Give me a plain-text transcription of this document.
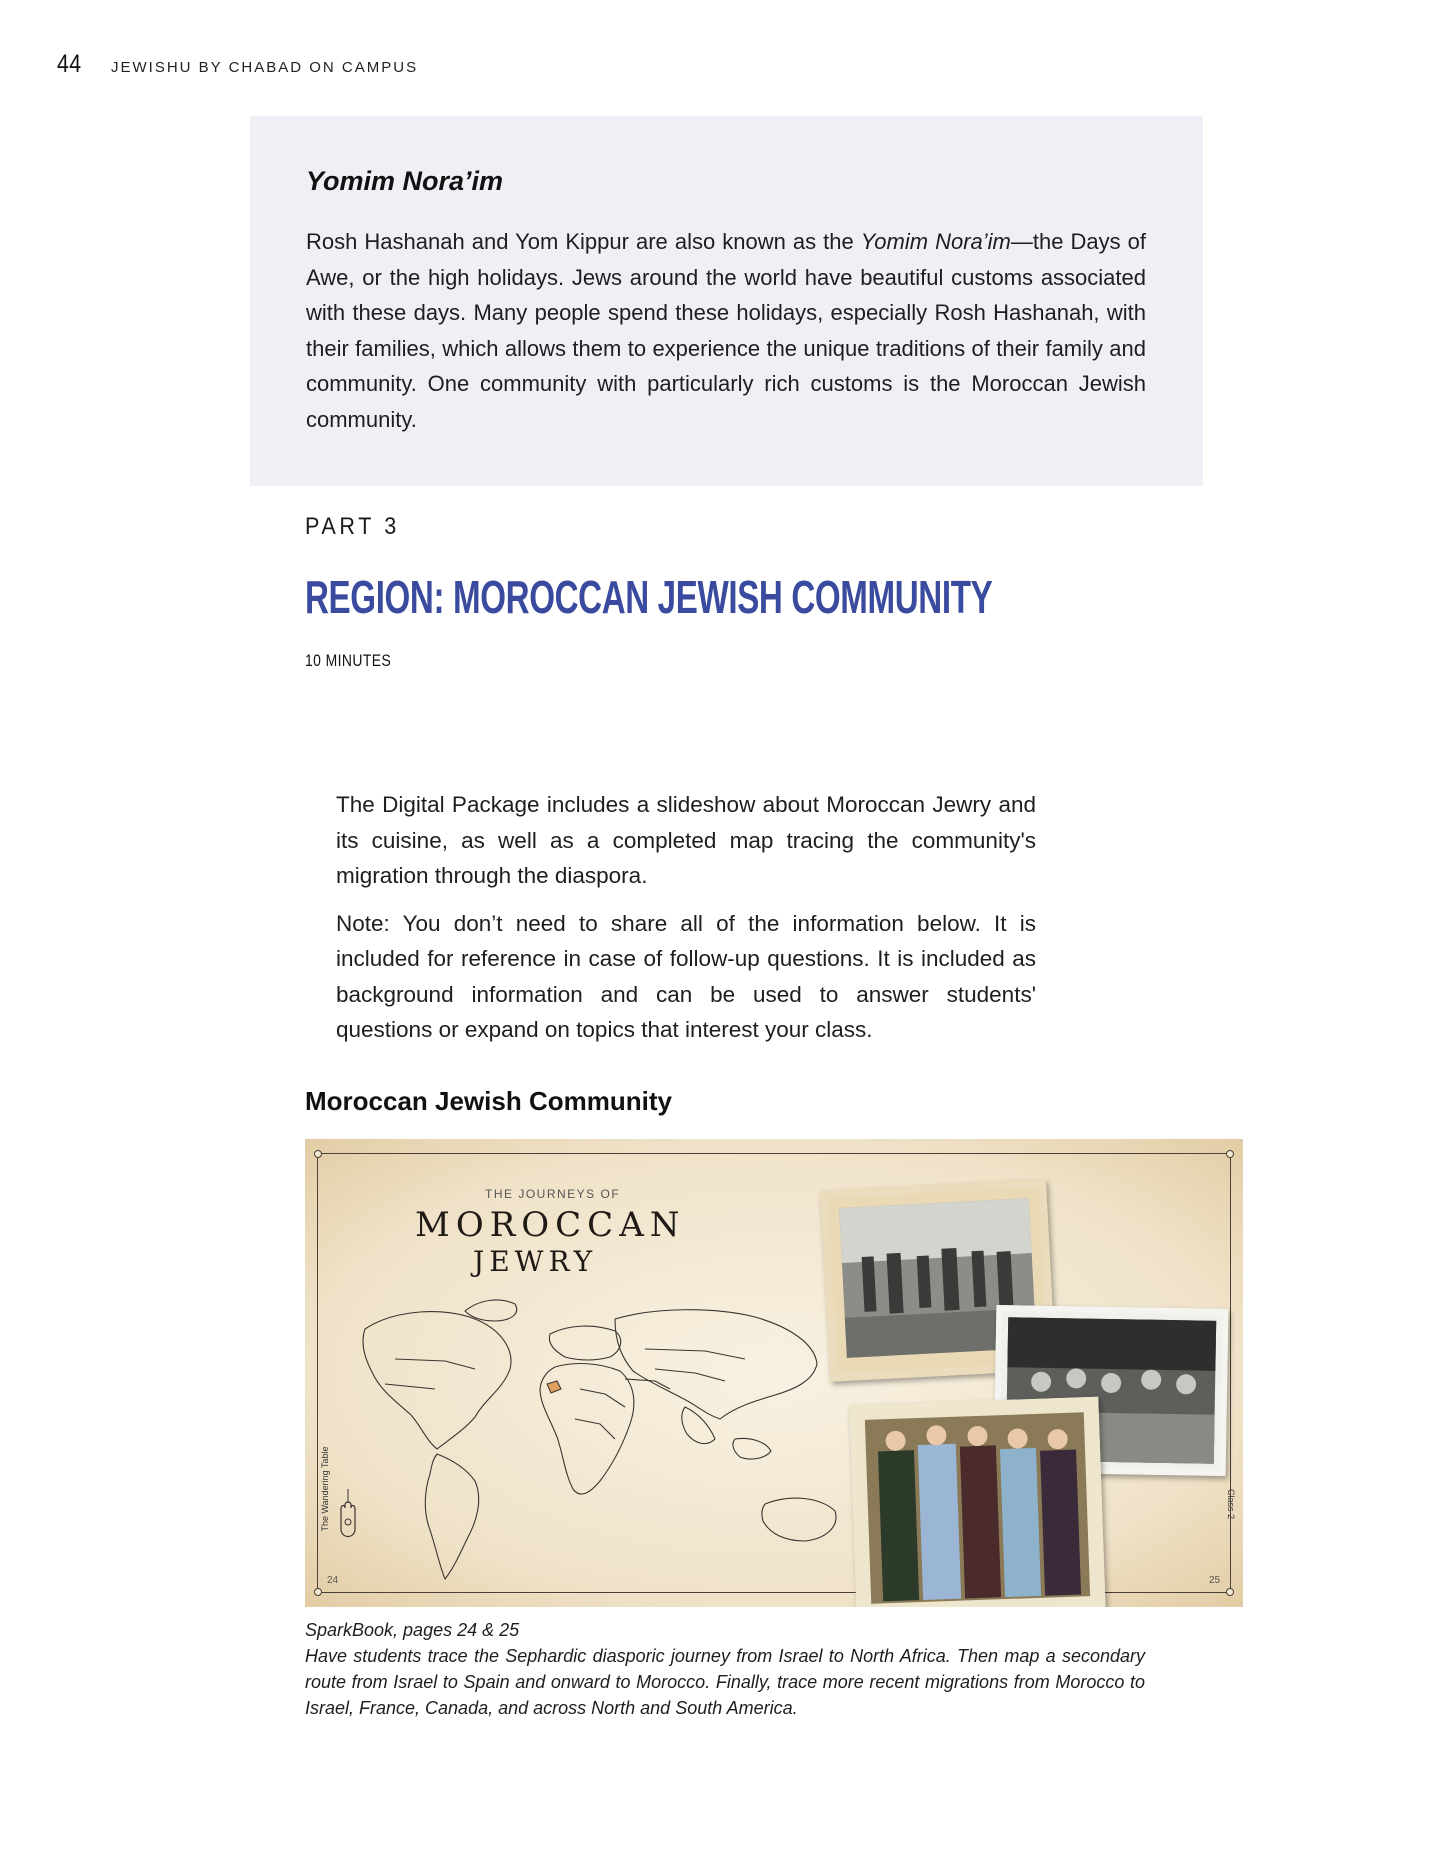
44	JEWISHU BY CHABAD ON CAMPUS
Yomim Nora’im
Rosh Hashanah and Yom Kippur are also known as the Yomim Nora’im—the Days of Awe, or the high holidays. Jews around the world have beautiful customs associated with these days. Many people spend these holidays, especially Rosh Hashanah, with their families, which allows them to experience the unique traditions of their family and community. One community with particularly rich customs is the Moroccan Jewish community.
PART 3
REGION: MOROCCAN JEWISH COMMUNITY
10 MINUTES

The Digital Package includes a slideshow about Moroccan Jewry and its cuisine, as well as a completed map tracing the community's migration through the diaspora.

Note: You don’t need to share all of the information below. It is included for reference in case of follow-up questions. It is included as background information and can be used to answer students' questions or expand on topics that interest your class.

Moroccan Jewish Community
THE JOURNEYS OF
MOROCCAN
JEWRY
The Wandering Table	Class 2
24	25
SparkBook, pages 24 & 25
Have students trace the Sephardic diasporic journey from Israel to North Africa. Then map a secondary route from Israel to Spain and onward to Morocco. Finally, trace more recent migrations from Morocco to Israel, France, Canada, and across North and South America.
